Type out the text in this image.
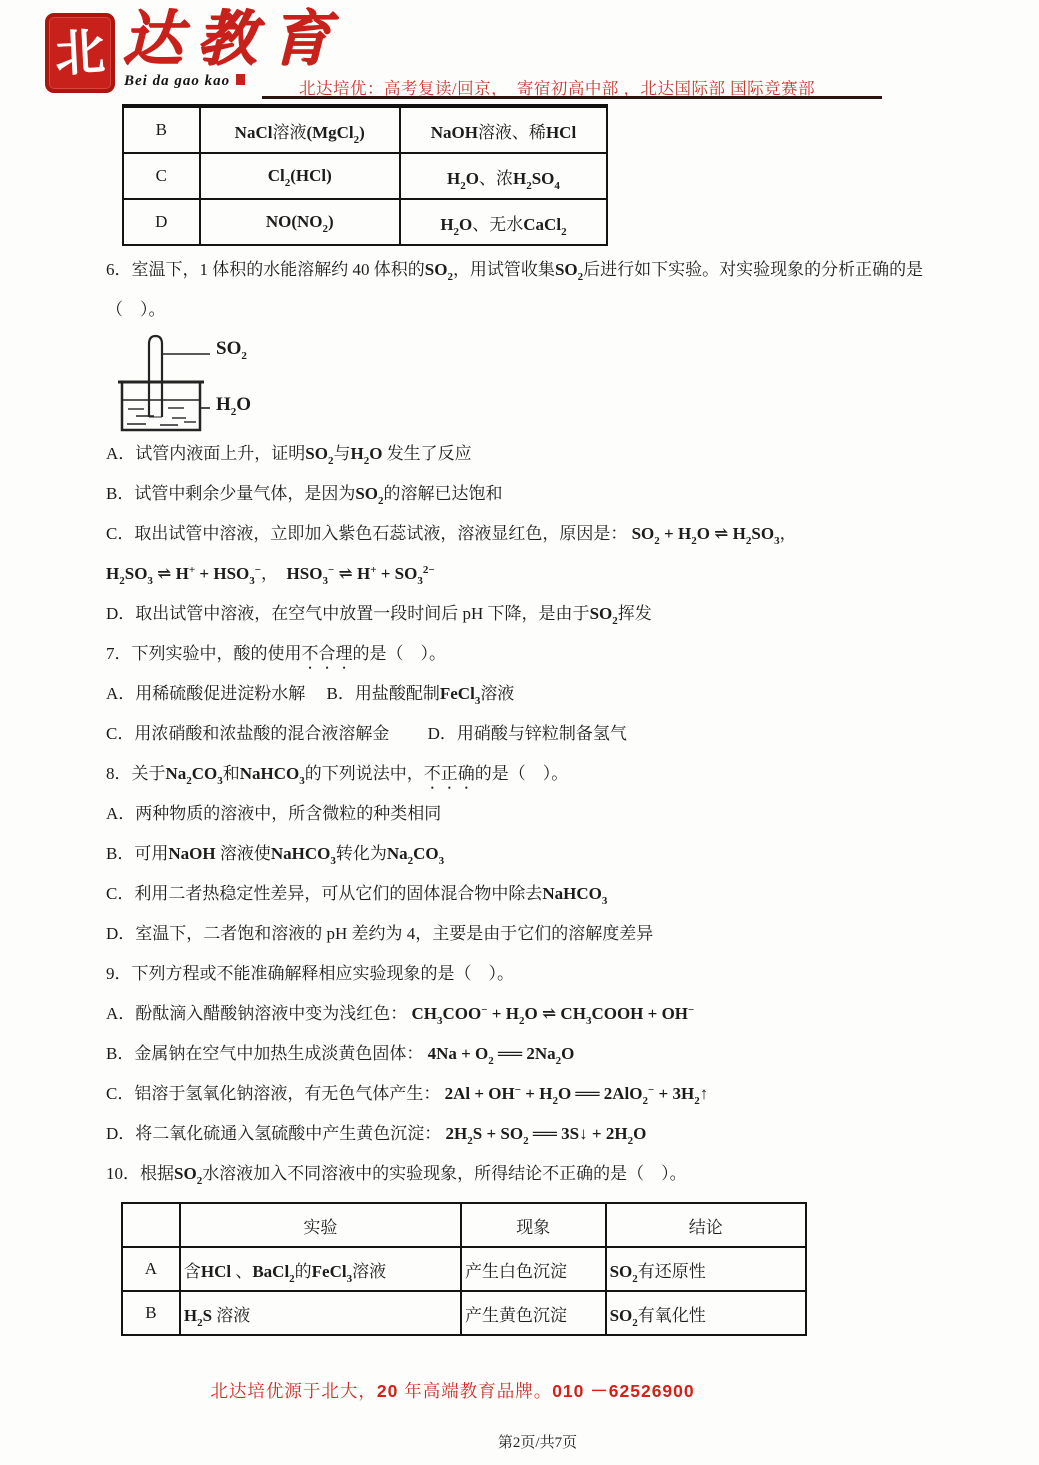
北 达教育
Bei da gao kao	北达培优：高考复读/回京，　寄宿初高中部 ，北达国际部 国际竞赛部
B	NaCl溶液(MgCl$_2$)	NaOH溶液、稀HCl
C	$Cl_2(HCl)$	$H_2O$、浓$H_2SO_4$
D	$NO(NO_2)$	$H_2O$、无水CaCl$_2$
6．室温下，1 体积的水能溶解约 40 体积的$SO_2$，用试管收集$SO_2$后进行如下实验。对实验现象的分析正确的是（　）。
$SO_2$
$H_2O$

A．试管内液面上升，证明$SO_2$与$H_2O$ 发生了反应

B．试管中剩余少量气体，是因为$SO_2$的溶解已达饱和

C．取出试管中溶液，立即加入紫色石蕊试液，溶液显红色，原因是： $SO_2 + H_2O$ ⇌ $H_2SO_3$，

$H_2SO_3$ ⇌ $H^+ + HSO_3^-$，　$HSO_3^-$ ⇌ $H^+ + SO_3^{2-}$

D．取出试管中溶液，在空气中放置一段时间后 pH 下降，是由于$SO_2$挥发

7．下列实验中，酸的使用不合理的是（　）。

A．用稀硫酸促进淀粉水解　 B．用盐酸配制FeCl$_3$溶液

C．用浓硝酸和浓盐酸的混合液溶解金　　 D．用硝酸与锌粒制备氢气

8．关于$Na_2CO_3$和NaHCO$_3$的下列说法中，不正确的是（　）。

A．两种物质的溶液中，所含微粒的种类相同

B．可用NaOH 溶液使NaHCO$_3$转化为$Na_2CO_3$

C．利用二者热稳定性差异，可从它们的固体混合物中除去NaHCO$_3$

D．室温下，二者饱和溶液的 pH 差约为 4，主要是由于它们的溶解度差异

9．下列方程或不能准确解释相应实验现象的是（　）。

A．酚酞滴入醋酸钠溶液中变为浅红色： $CH_3COO^- + H_2O$ ⇌ $CH_3COOH + OH^-$

B．金属钠在空气中加热生成淡黄色固体： $4Na + O_2$ ══ $2Na_2O$

C．铝溶于氢氧化钠溶液，有无色气体产生： $2Al + OH^- + H_2O$ ══ $2AlO_2^- + 3H_2↑$

D．将二氧化硫通入氢硫酸中产生黄色沉淀： $2H_2S + SO_2$ ══ 3S↓ + $2H_2O$

10．根据$SO_2$水溶液加入不同溶液中的实验现象，所得结论不正确的是（　）。

	实验	现象	结论
A	含HCl 、BaCl$_2$的FeCl$_3$溶液	产生白色沉淀	$SO_2$有还原性
B	$H_2S$ 溶液	产生黄色沉淀	$SO_2$有氧化性
北达培优源于北大，20 年高端教育品牌。010 －62526900
第2页/共7页
